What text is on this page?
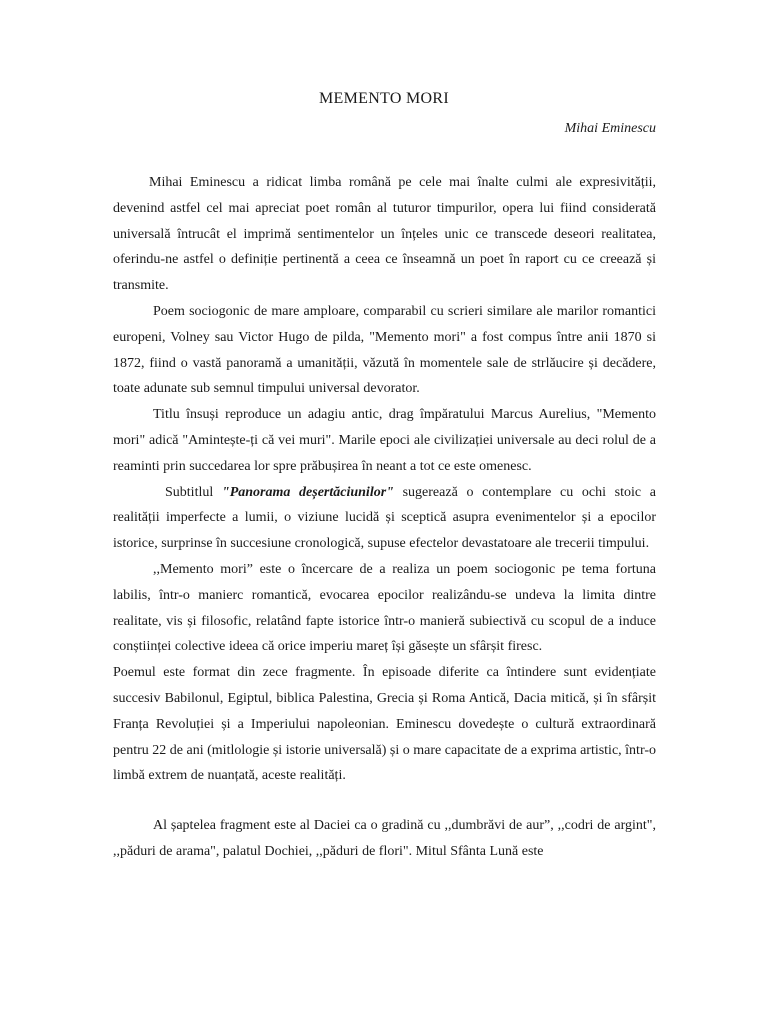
MEMENTO MORI
Mihai Eminescu

Mihai Eminescu a ridicat limba română pe cele mai înalte culmi ale expresivității, devenind astfel cel mai apreciat poet român al tuturor timpurilor, opera lui fiind considerată universală întrucât el imprimă sentimentelor un înțeles unic ce transcede deseori realitatea, oferindu-ne astfel o definiție pertinentă a ceea ce înseamnă un poet în raport cu ce creează și transmite.

Poem sociogonic de mare amploare, comparabil cu scrieri similare ale marilor romantici europeni, Volney sau Victor Hugo de pilda, "Memento mori" a fost compus între anii 1870 si 1872, fiind o vastă panoramă a umanității, văzută în momentele sale de strlăucire și decădere, toate adunate sub semnul timpului universal devorator.

Titlu însuși reproduce un adagiu antic, drag împăratului Marcus Aurelius, "Memento mori" adică "Amintește-ți că vei muri". Marile epoci ale civilizației universale au deci rolul de a reaminti prin succedarea lor spre prăbușirea în neant a tot ce este omenesc.

Subtitlul "Panorama deșertăciunilor" sugerează o contemplare cu ochi stoic a realității imperfecte a lumii, o viziune lucidă și sceptică asupra evenimentelor și a epocilor istorice, surprinse în succesiune cronologică, supuse efectelor devastatoare ale trecerii timpului.

,,Memento mori” este o încercare de a realiza un poem sociogonic pe tema fortuna labilis, într-o manierc romantică, evocarea epocilor realizându-se undeva la limita dintre realitate, vis și filosofic, relatând fapte istorice într-o manieră subiectivă cu scopul de a induce conștiinței colective ideea că orice imperiu mareț își găsește un sfârșit firesc.

Poemul este format din zece fragmente. În episoade diferite ca întindere sunt evidențiate succesiv Babilonul, Egiptul, biblica Palestina, Grecia și Roma Antică, Dacia mitică, și în sfârșit Franța Revoluției și a Imperiului napoleonian. Eminescu dovedește o cultură extraordinară pentru 22 de ani (mitlologie și istorie universală) și o mare capacitate de a exprima artistic, într-o limbă extrem de nuanțată, aceste realități.

Al șaptelea fragment este al Daciei ca o gradină cu ,,dumbrăvi de aur”, ,,codri de argint", ,,păduri de arama", palatul Dochiei, ,,păduri de flori". Mitul Sfânta Lună este
